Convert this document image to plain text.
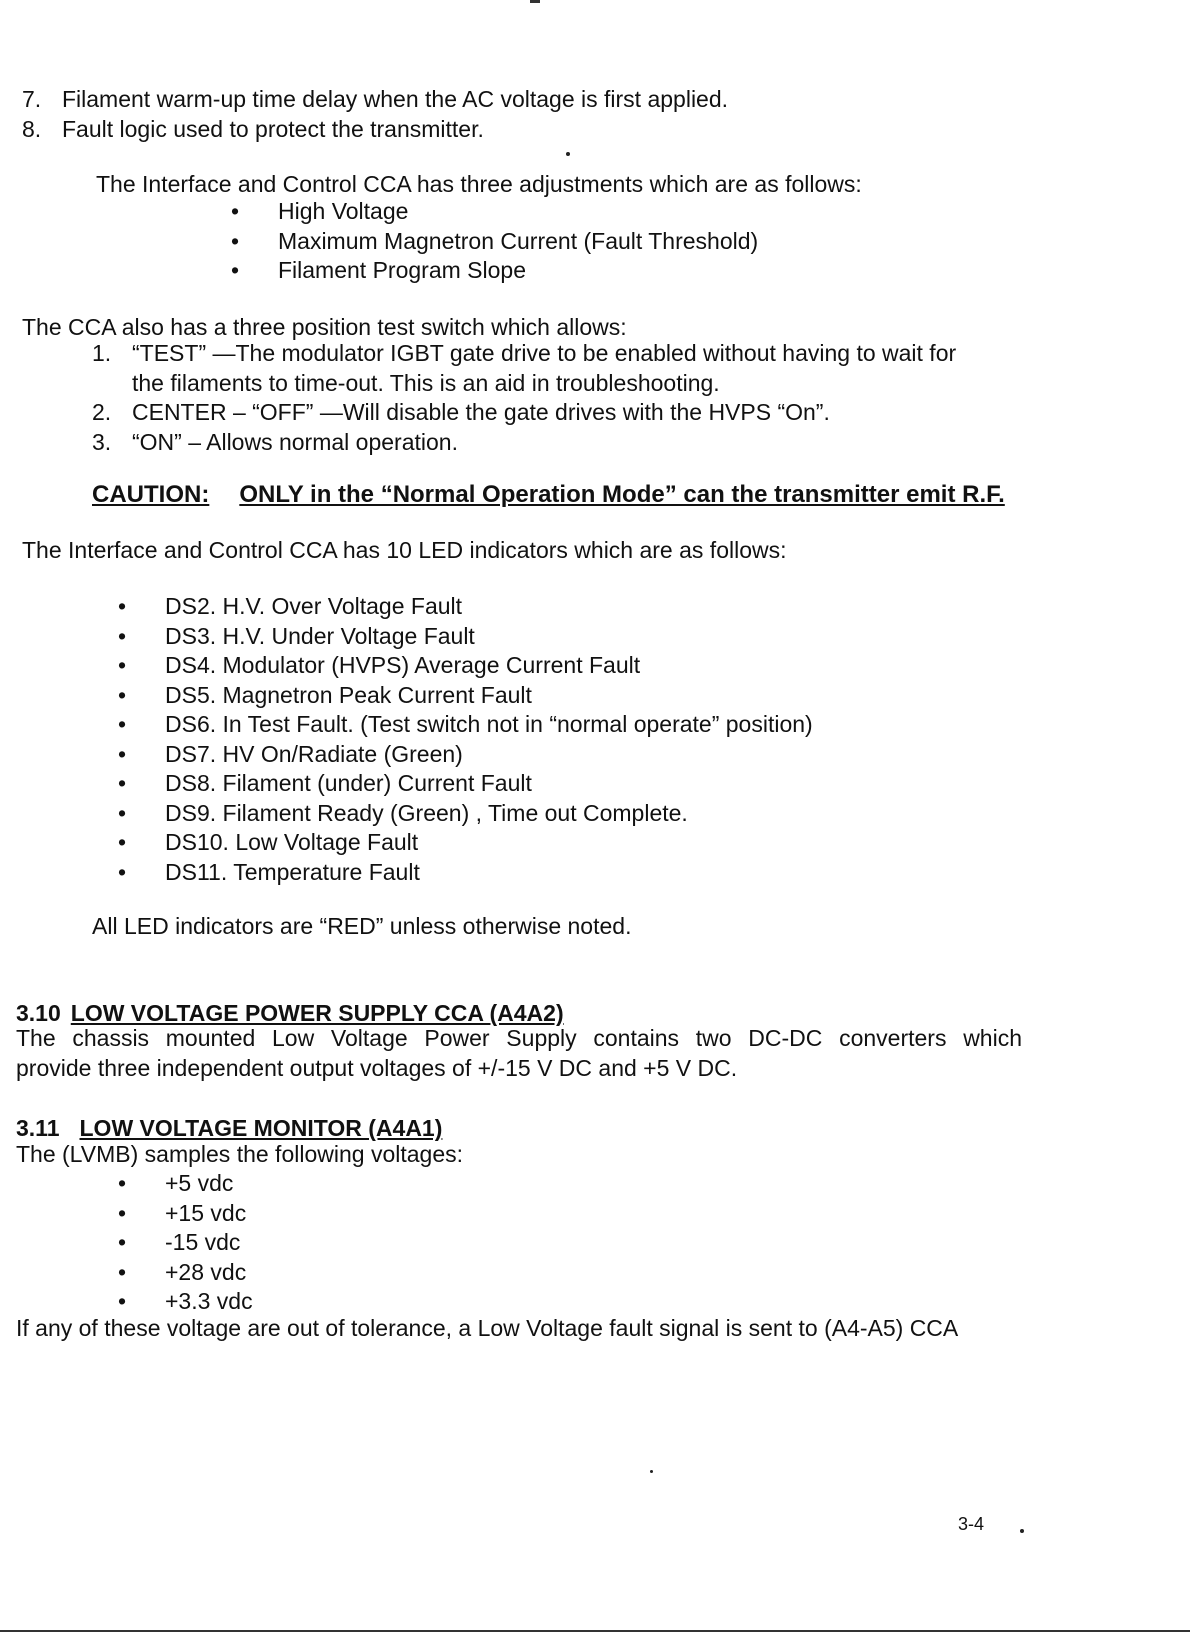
7. Filament warm-up time delay when the AC voltage is first applied.
8. Fault logic used to protect the transmitter.
The Interface and Control CCA has three adjustments which are as follows:
•	High Voltage
•	Maximum Magnetron Current (Fault Threshold)
•	Filament Program Slope
The CCA also has a three position test switch which allows:
1. “TEST” —The modulator IGBT gate drive to be enabled without having to wait for
the filaments to time-out. This is an aid in troubleshooting.
2. CENTER – “OFF” —Will disable the gate drives with the HVPS “On”.
3. “ON” – Allows normal operation.
CAUTION: ONLY in the “Normal Operation Mode” can the transmitter emit R.F.
The Interface and Control CCA has 10 LED indicators which are as follows:
•	DS2. H.V. Over Voltage Fault
•	DS3. H.V. Under Voltage Fault
•	DS4. Modulator (HVPS) Average Current Fault
•	DS5. Magnetron Peak Current Fault
•	DS6. In Test Fault. (Test switch not in “normal operate” position)
•	DS7. HV On/Radiate (Green)
•	DS8. Filament (under) Current Fault
•	DS9. Filament Ready (Green) , Time out Complete.
•	DS10. Low Voltage Fault
•	DS11. Temperature Fault
All LED indicators are “RED” unless otherwise noted.
3.10 LOW VOLTAGE POWER SUPPLY CCA (A4A2)
The chassis mounted Low Voltage Power Supply contains two DC-DC converters which
provide three independent output voltages of +/-15 V DC and +5 V DC.
3.11 LOW VOLTAGE MONITOR (A4A1)
The (LVMB) samples the following voltages:
•	+5 vdc
•	+15 vdc
•	-15 vdc
•	+28 vdc
•	+3.3 vdc
If any of these voltage are out of tolerance, a Low Voltage fault signal is sent to (A4-A5) CCA
3-4
